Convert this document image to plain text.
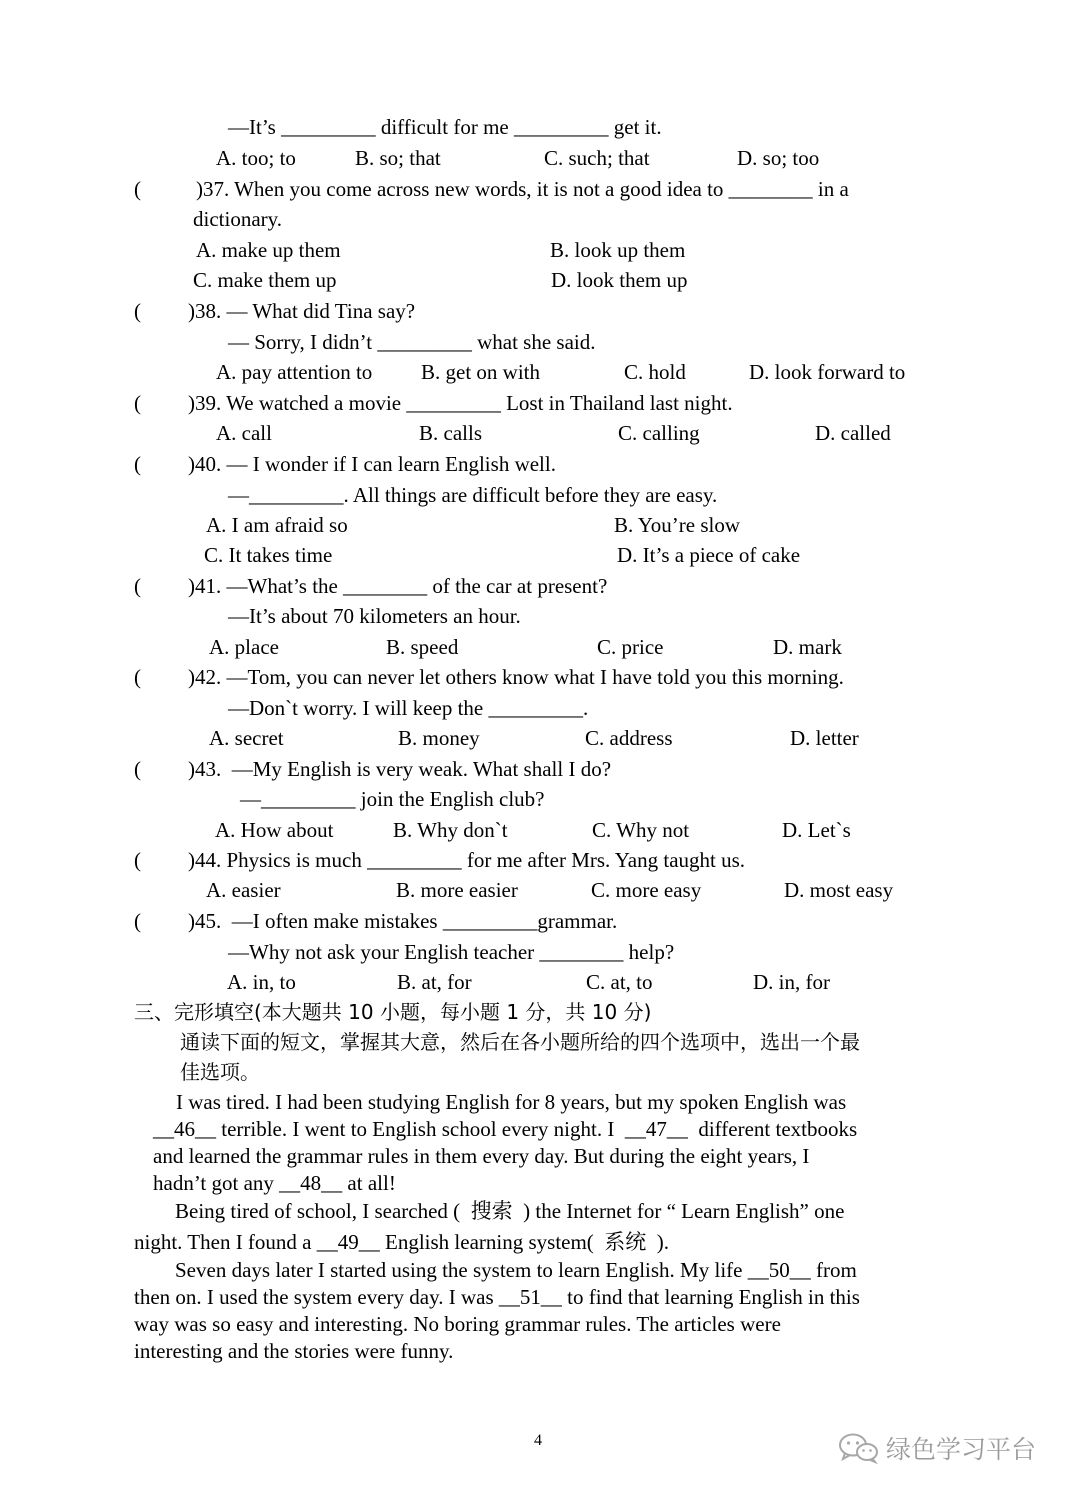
—It’s _________ difficult for me _________ get it.
A. too; to	B. so; that	C. such; that	D. so; too
(	)37. When you come across new words, it is not a good idea to ________ in a
dictionary.
A. make up them	B. look up them
C. make them up	D. look them up
( )38. — What did Tina say?
— Sorry, I didn’t _________ what she said.
A. pay attention to B. get on with	C. hold	D. look forward to
( )39. We watched a movie _________ Lost in Thailand last night.
A. call	B. calls	C. calling	D. called
( )40. — I wonder if I can learn English well.
—_________. All things are difficult before they are easy.
A. I am afraid so	B. You’re slow
C. It takes time	D. It’s a piece of cake
( )41. —What’s the ________ of the car at present?
—It’s about 70 kilometers an hour.
A. place	B. speed	C. price	D. mark
( )42. —Tom, you can never let others know what I have told you this morning.
—Don`t worry. I will keep the _________.
A. secret	B. money	C. address	D. letter
( )43.  —My English is very weak. What shall I do?
—_________ join the English club?
A. How about	B. Why don`t	C. Why not	D. Let`s
( )44. Physics is much _________ for me after Mrs. Yang taught us.
A. easier	B. more easier	C. more easy	D. most easy
( )45.  —I often make mistakes _________grammar.
—Why not ask your English teacher ________ help?
A. in, to	B. at, for	C. at, to	D. in, for
三、完形填空(本大题共 10 小题，每小题 1 分，共 10 分)
通读下面的短文，掌握其大意，然后在各小题所给的四个选项中，选出一个最
佳选项。
I was tired. I had been studying English for 8 years, but my spoken English was
__46__ terrible. I went to English school every night. I  __47__  different textbooks
and learned the grammar rules in them every day. But during the eight years, I
hadn’t got any __48__ at all!
Being tired of school, I searched (  搜索  ) the Internet for “ Learn English” one
night. Then I found a __49__ English learning system(  系统  ).
Seven days later I started using the system to learn English. My life __50__ from
then on. I used the system every day. I was __51__ to find that learning English in this
way was so easy and interesting. No boring grammar rules. The articles were
interesting and the stories were funny.
4	绿色学习平台
